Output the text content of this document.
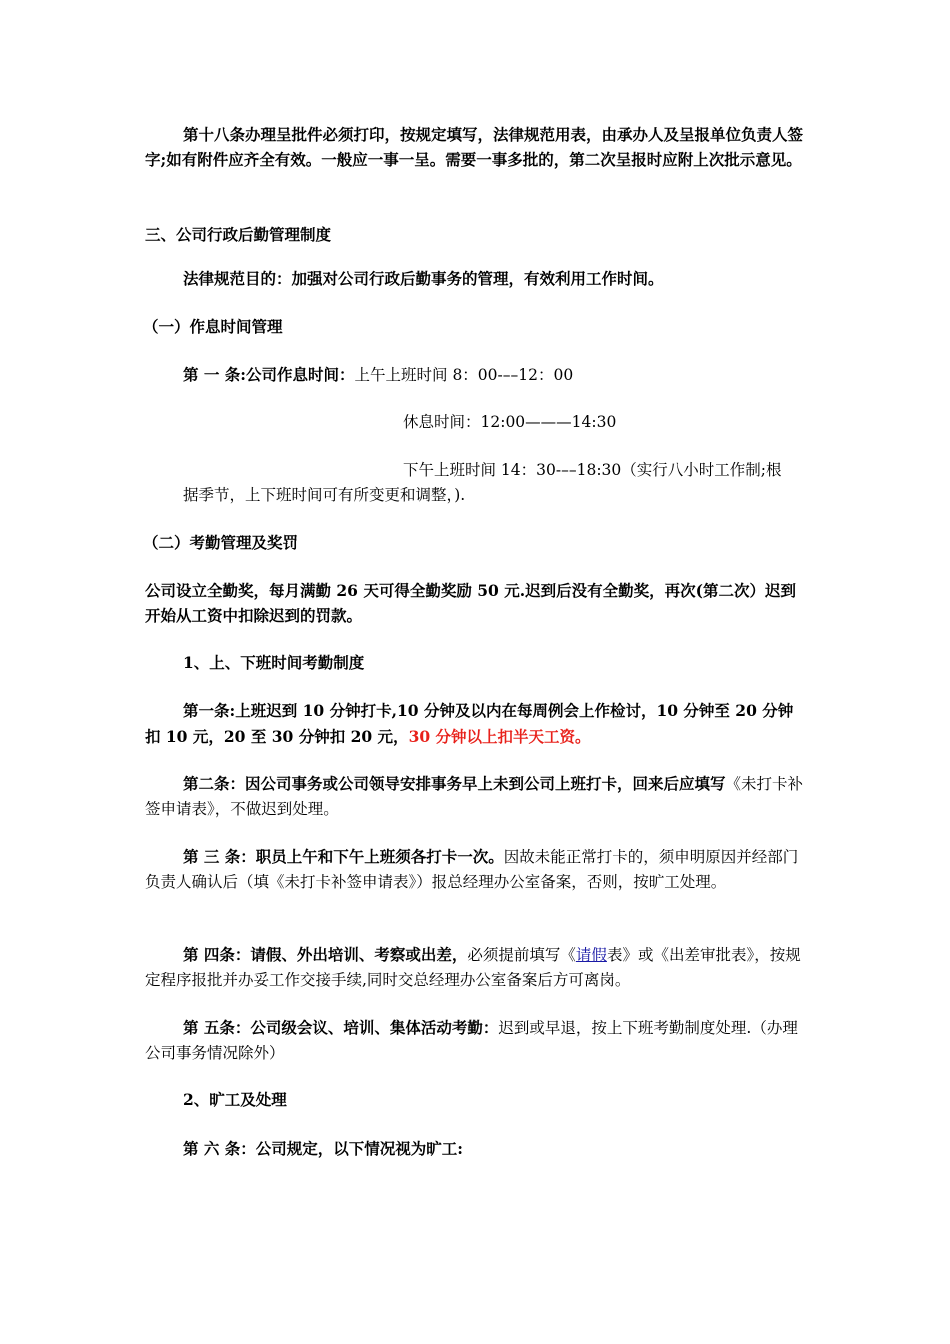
第十八条办理呈批件必须打印，按规定填写，法律规范用表，由承办人及呈报单位负责人签字;如有附件应齐全有效。一般应一事一呈。需要一事多批的，第二次呈报时应附上次批示意见。
三、公司行政后勤管理制度
法律规范目的：加强对公司行政后勤事务的管理，有效利用工作时间。
（一）作息时间管理
第 一 条:公司作息时间：上午上班时间 8：00-––12：00
休息时间：12:00———14:30
下午上班时间 14：30-––18:30（实行八小时工作制;根
据季节，上下班时间可有所变更和调整，).
（二）考勤管理及奖罚
公司设立全勤奖，每月满勤 26 天可得全勤奖励 50 元.迟到后没有全勤奖，再次(第二次）迟到开始从工资中扣除迟到的罚款。
1、上、下班时间考勤制度
第一条:上班迟到 10 分钟打卡,10 分钟及以内在每周例会上作检讨，10 分钟至 20 分钟扣 10 元，20 至 30 分钟扣 20 元，30 分钟以上扣半天工资。
第二条：因公司事务或公司领导安排事务早上未到公司上班打卡，回来后应填写《未打卡补签申请表》，不做迟到处理。
第 三 条：职员上午和下午上班须各打卡一次。因故未能正常打卡的，须申明原因并经部门负责人确认后（填《未打卡补签申请表》）报总经理办公室备案，否则，按旷工处理。
第 四条：请假、外出培训、考察或出差，必须提前填写《请假表》或《出差审批表》，按规定程序报批并办妥工作交接手续,同时交总经理办公室备案后方可离岗。
第 五条：公司级会议、培训、集体活动考勤：迟到或早退，按上下班考勤制度处理.（办理公司事务情况除外）
2、旷工及处理
第 六 条：公司规定，以下情况视为旷工:
